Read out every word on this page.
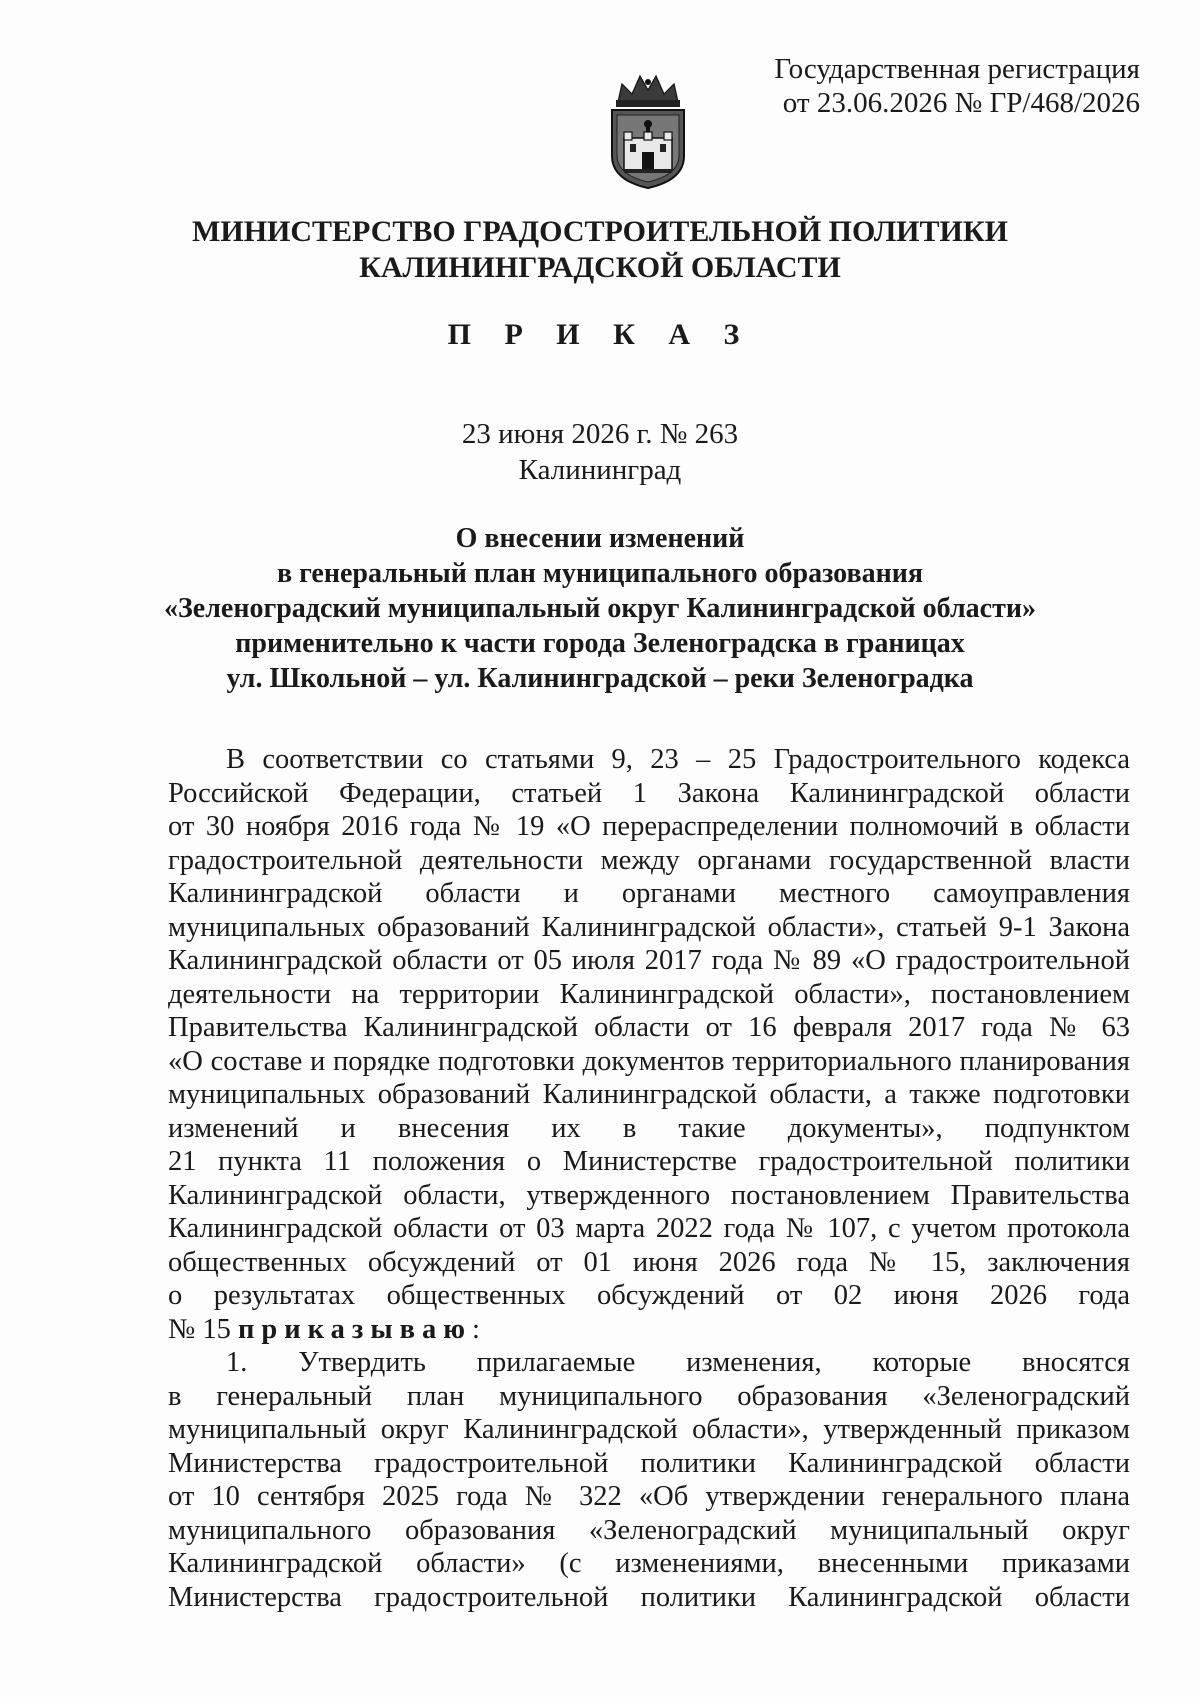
Государственная регистрация
от 23.06.2026 № ГР/468/2026
МИНИСТЕРСТВО ГРАДОСТРОИТЕЛЬНОЙ ПОЛИТИКИ
КАЛИНИНГРАДСКОЙ ОБЛАСТИ
П Р И К А З
23 июня 2026 г. № 263
Калининград
О внесении изменений
в генеральный план муниципального образования
«Зеленоградский муниципальный округ Калининградской области»
применительно к части города Зеленоградска в границах
ул. Школьной – ул. Калининградской – реки Зеленоградка
В соответствии со статьями 9, 23 – 25 Градостроительного кодекса
Российской Федерации, статьей 1 Закона Калининградской области
от 30 ноября 2016 года № 19 «О перераспределении полномочий в области
градостроительной деятельности между органами государственной власти
Калининградской области и органами местного самоуправления
муниципальных образований Калининградской области», статьей 9-1 Закона
Калининградской области от 05 июля 2017 года № 89 «О градостроительной
деятельности на территории Калининградской области», постановлением
Правительства Калининградской области от 16 февраля 2017 года № 63
«О составе и порядке подготовки документов территориального планирования
муниципальных образований Калининградской области, а также подготовки
изменений и внесения их в такие документы», подпунктом
21 пункта 11 положения о Министерстве градостроительной политики
Калининградской области, утвержденного постановлением Правительства
Калининградской области от 03 марта 2022 года № 107, с учетом протокола
общественных обсуждений от 01 июня 2026 года № 15, заключения
о результатах общественных обсуждений от 02 июня 2026 года
№ 15 приказываю:
1. Утвердить прилагаемые изменения, которые вносятся
в генеральный план муниципального образования «Зеленоградский
муниципальный округ Калининградской области», утвержденный приказом
Министерства градостроительной политики Калининградской области
от 10 сентября 2025 года № 322 «Об утверждении генерального плана
муниципального образования «Зеленоградский муниципальный округ
Калининградской области» (с изменениями, внесенными приказами
Министерства градостроительной политики Калининградской области
